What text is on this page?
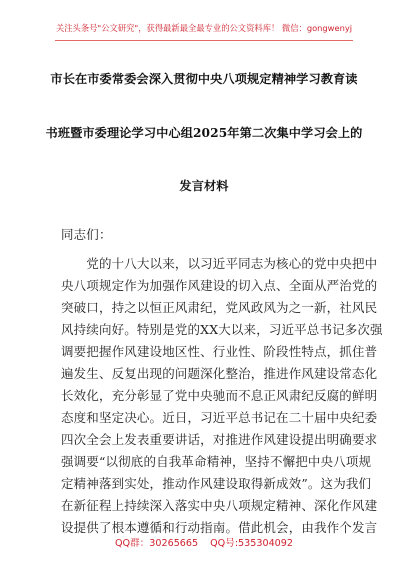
关注头条号"公文研究"，获得最新最全最专业的公文资料库！ 微信：gongwenyj
市长在市委常委会深入贯彻中央八项规定精神学习教育读
书班暨市委理论学习中心组2025年第二次集中学习会上的
发言材料
同志们：
　　党的十八大以来，以习近平同志为核心的党中央把中
央八项规定作为加强作风建设的切入点、全面从严治党的
突破口，持之以恒正风肃纪，党风政风为之一新，社风民
风持续向好。特别是党的XX大以来，习近平总书记多次强
调要把握作风建设地区性、行业性、阶段性特点，抓住普
遍发生、反复出现的问题深化整治，推进作风建设常态化
长效化，充分彰显了党中央驰而不息正风肃纪反腐的鲜明
态度和坚定决心。近日，习近平总书记在二十届中央纪委
四次全会上发表重要讲话，对推进作风建设提出明确要求
强调要“以彻底的自我革命精神，坚持不懈把中央八项规
定精神落到实处，推动作风建设取得新成效”。这为我们
在新征程上持续深入落实中央八项规定精神、深化作风建
设提供了根本遵循和行动指南。借此机会，由我作个发言
QQ群：30265665 QQ号:535304092
